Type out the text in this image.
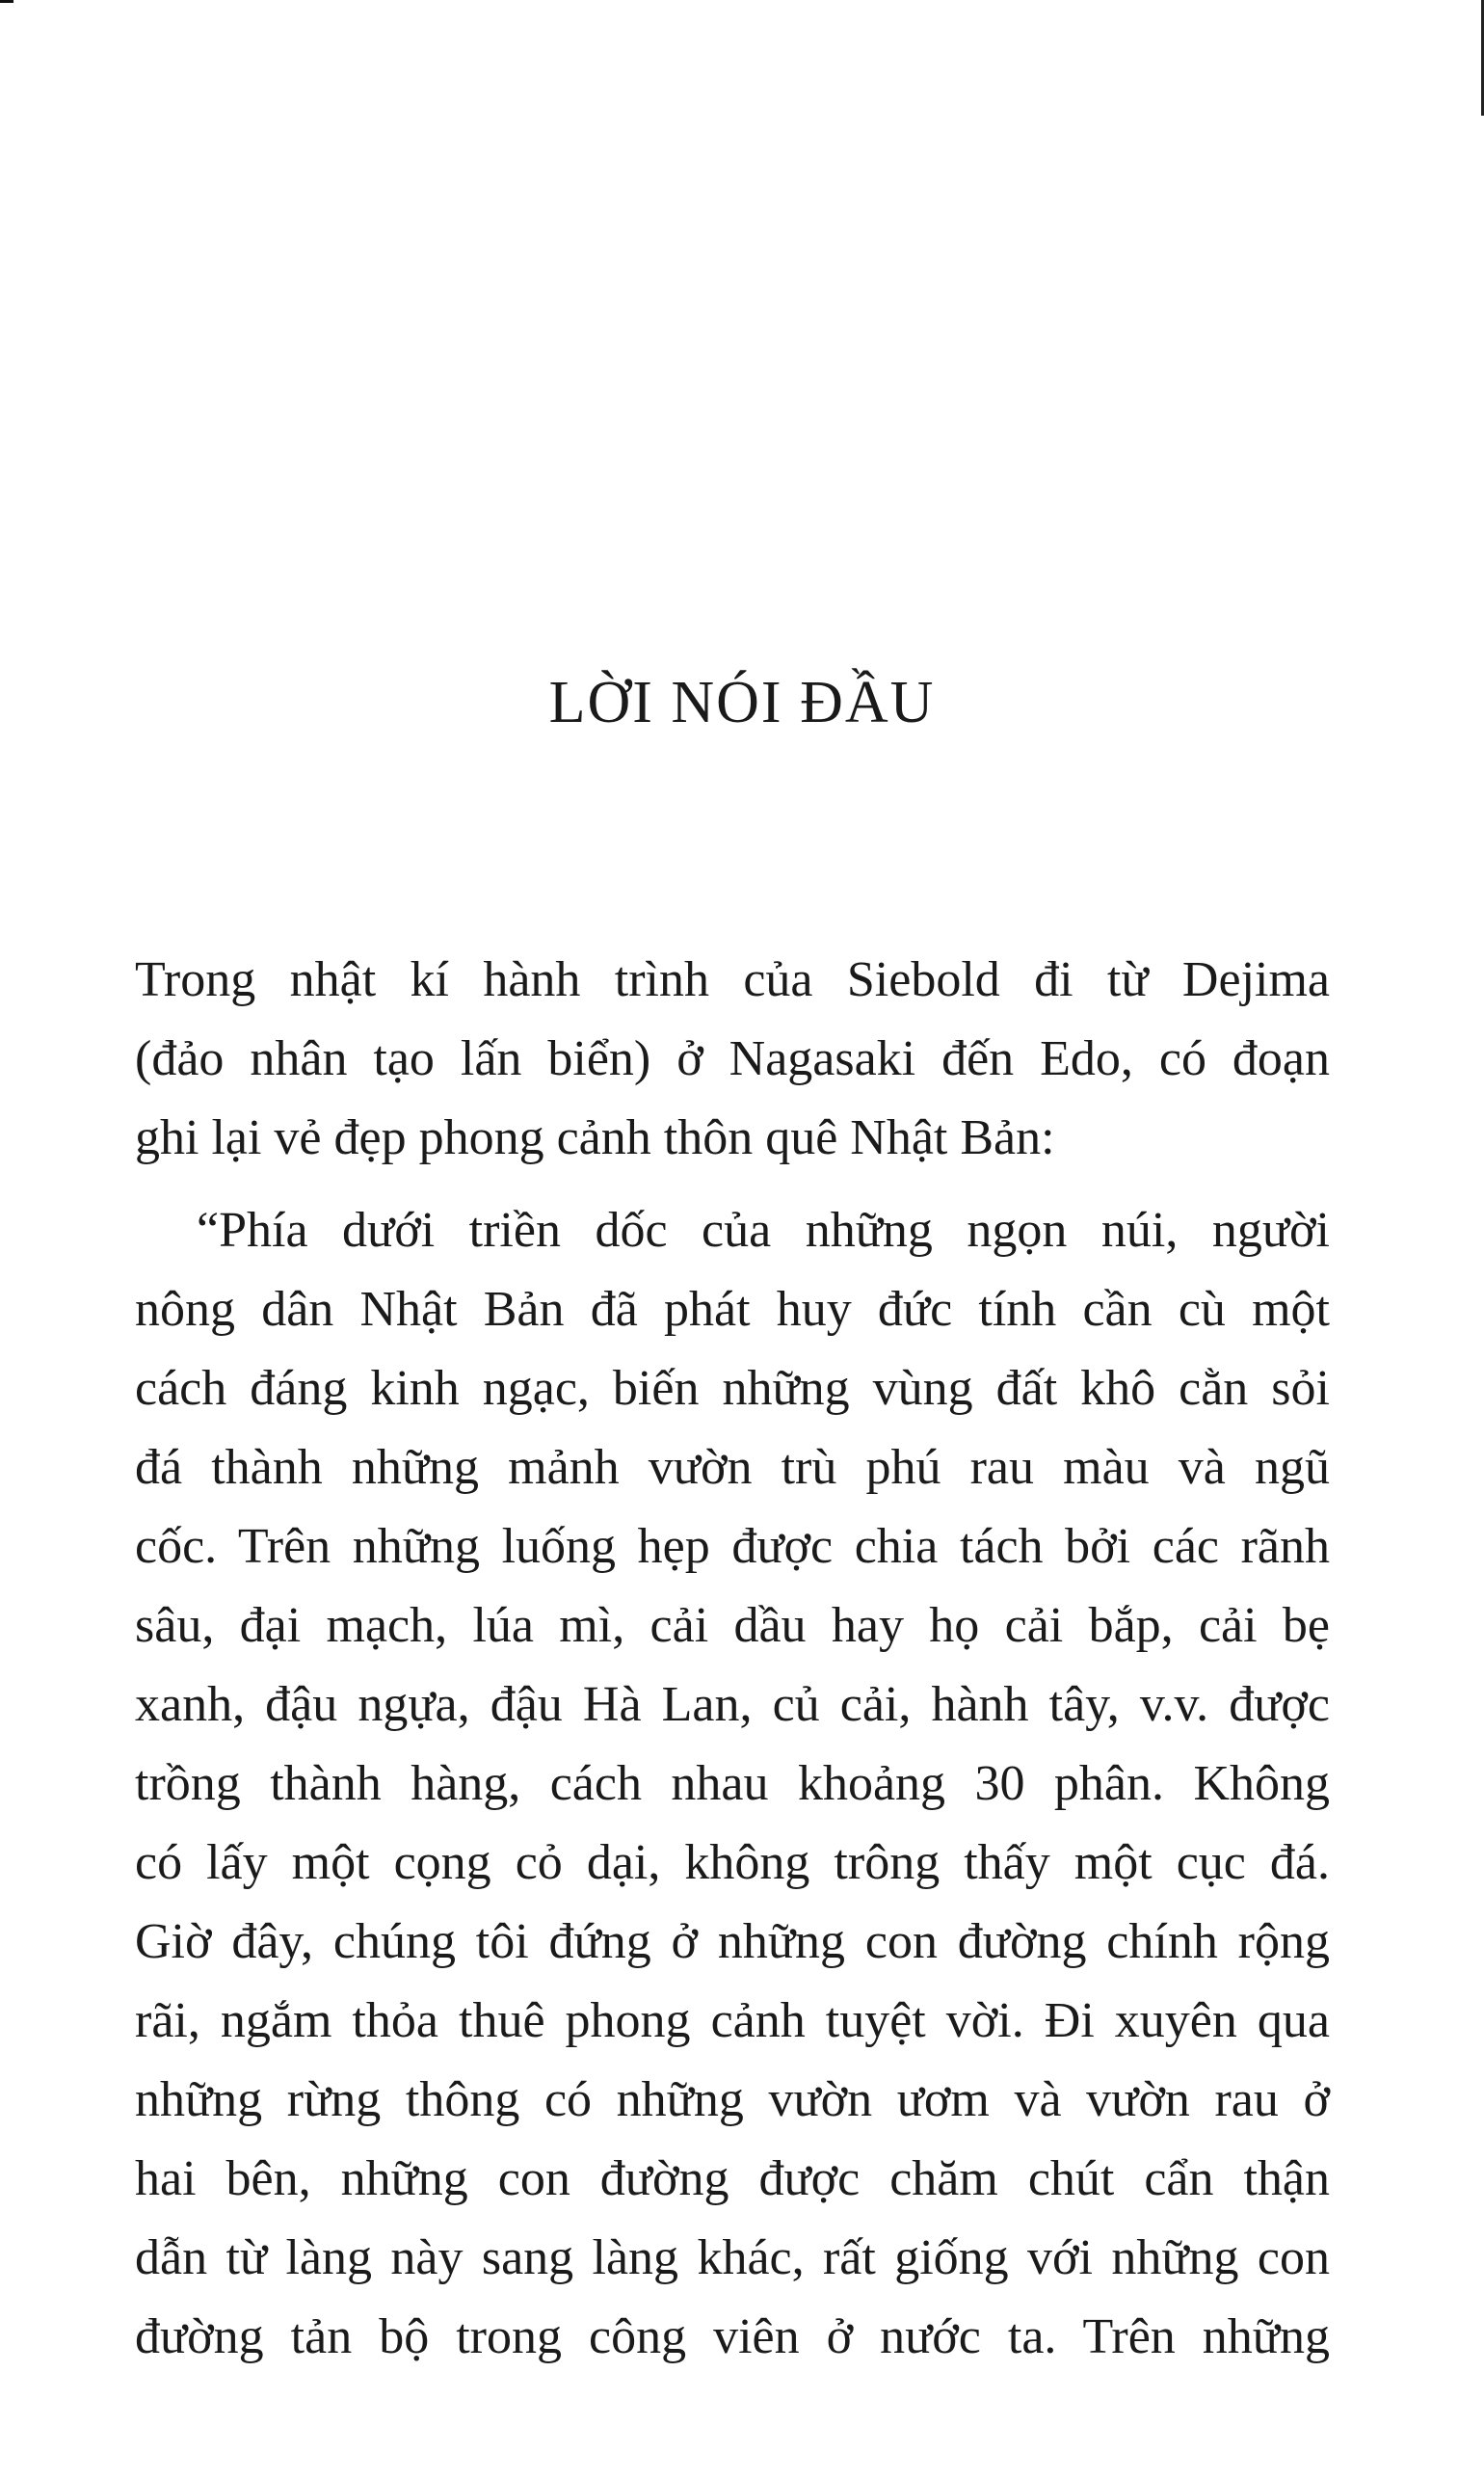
LỜI NÓI ĐẦU
Trong nhật kí hành trình của Siebold đi từ Dejima
(đảo nhân tạo lấn biển) ở Nagasaki đến Edo, có đoạn
ghi lại vẻ đẹp phong cảnh thôn quê Nhật Bản:
“Phía dưới triền dốc của những ngọn núi, người
nông dân Nhật Bản đã phát huy đức tính cần cù một
cách đáng kinh ngạc, biến những vùng đất khô cằn sỏi
đá thành những mảnh vườn trù phú rau màu và ngũ
cốc. Trên những luống hẹp được chia tách bởi các rãnh
sâu, đại mạch, lúa mì, cải dầu hay họ cải bắp, cải bẹ
xanh, đậu ngựa, đậu Hà Lan, củ cải, hành tây, v.v. được
trồng thành hàng, cách nhau khoảng 30 phân. Không
có lấy một cọng cỏ dại, không trông thấy một cục đá.
Giờ đây, chúng tôi đứng ở những con đường chính rộng
rãi, ngắm thỏa thuê phong cảnh tuyệt vời. Đi xuyên qua
những rừng thông có những vườn ươm và vườn rau ở
hai bên, những con đường được chăm chút cẩn thận
dẫn từ làng này sang làng khác, rất giống với những con
đường tản bộ trong công viên ở nước ta. Trên những
